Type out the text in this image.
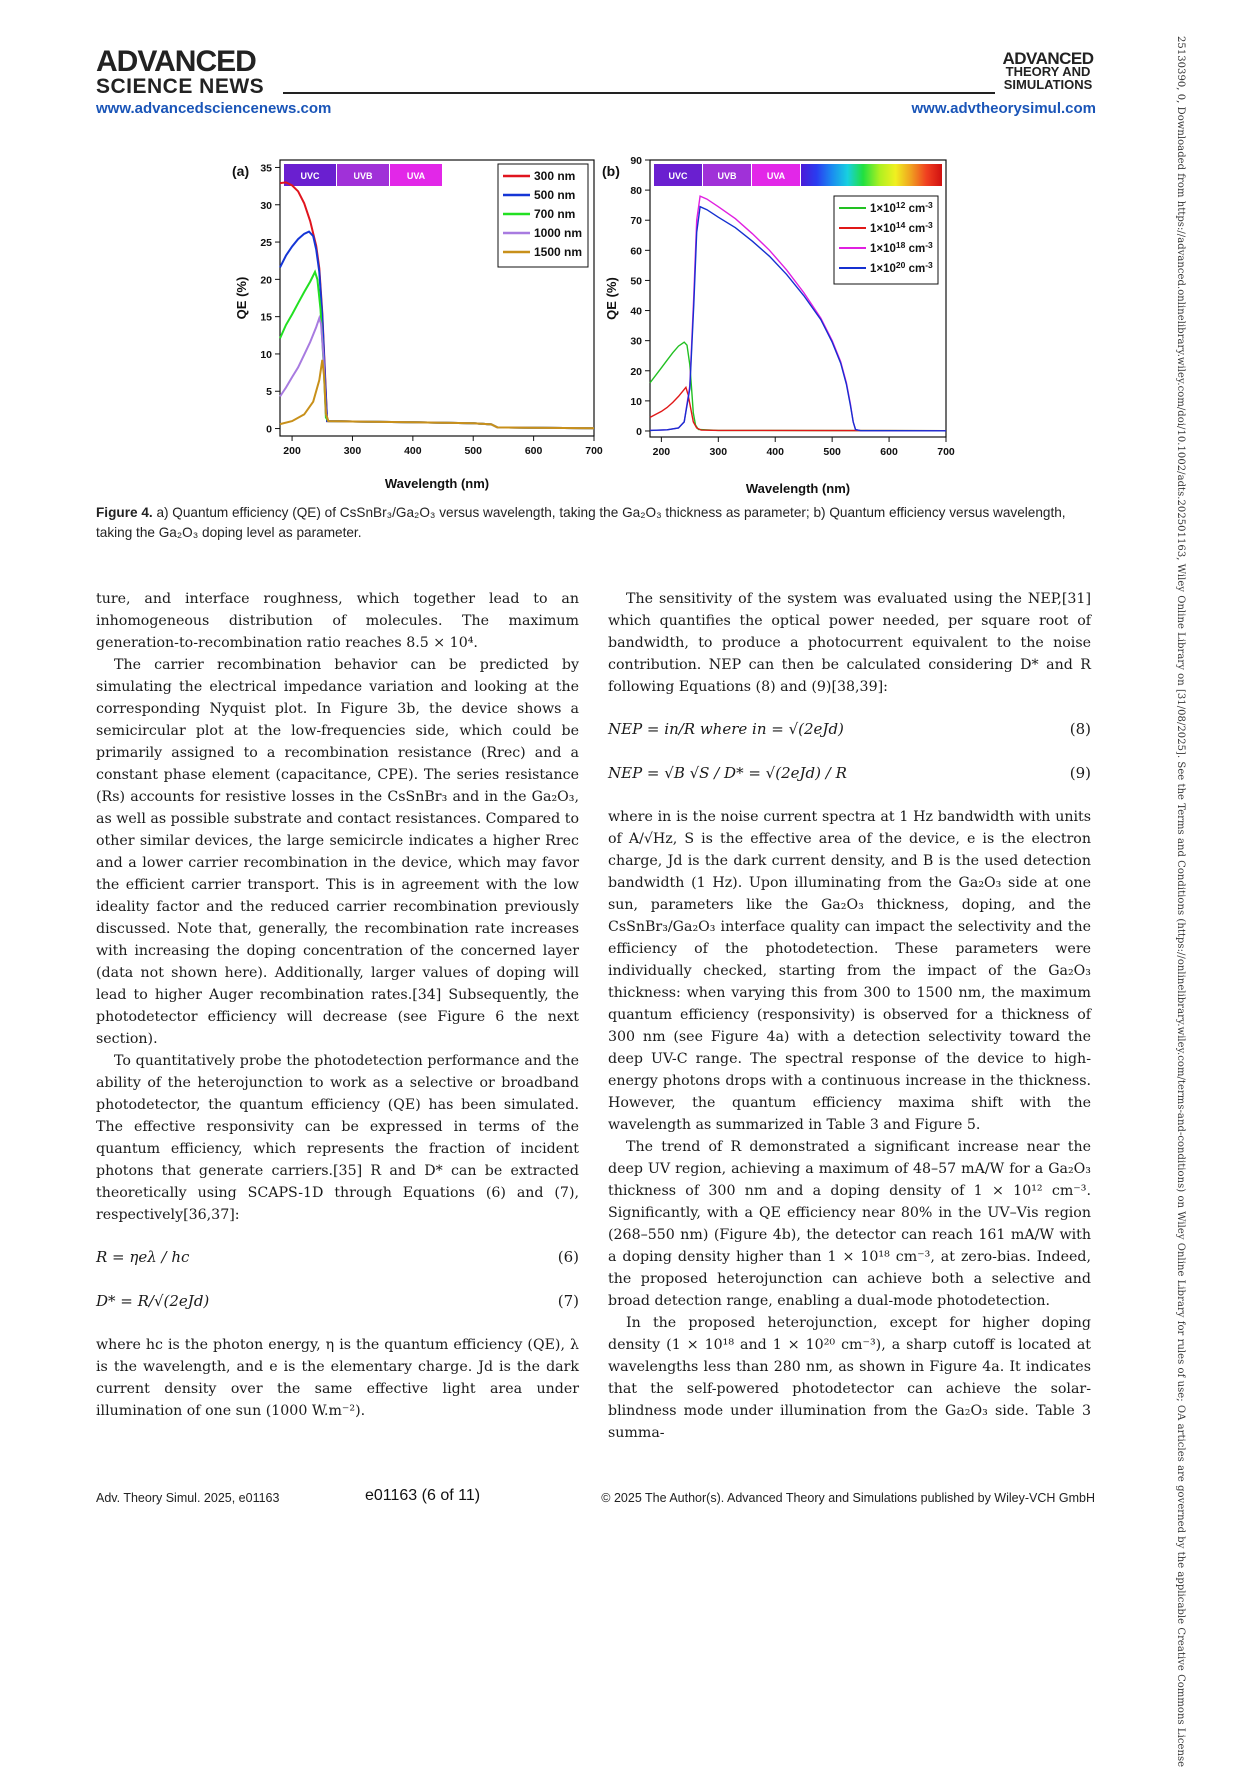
ADVANCED
SCIENCE NEWS
ADVANCED
THEORY AND
SIMULATIONS
www.advancedsciencenews.com	www.advtheorysimul.com	25130390, 0, Downloaded from https://advanced.onlinelibrary.wiley.com/doi/10.1002/adts.202501163, Wiley Online Library on [31/08/2025]. See the Terms and Conditions (https://onlinelibrary.wiley.com/terms-and-conditions) on Wiley Online Library for rules of use; OA articles are governed by the applicable Creative Commons License
UVC	UVB	UVA
200	300	400	500	600	700
0
5
10
15
20
25
30
35
Wavelength (nm)
QE (%)
(a)	300 nm
500 nm
700 nm
1000 nm
1500 nm
UVC	UVB	UVA
200	300	400	500	600	700
0
10
20
30
40
50
60
70
80
90
Wavelength (nm)
QE (%)
(b)
$1\times 10^{12}$ $cm^{-3}$
$1\times 10^{14}$ $cm^{-3}$
$1\times 10^{18}$ $cm^{-3}$
$1\times 10^{20}$ $cm^{-3}$
Figure 4. a) Quantum efficiency (QE) of CsSnBr₃/Ga₂O₃ versus wavelength, taking the Ga₂O₃ thickness as parameter; b) Quantum efficiency versus wavelength, taking the Ga₂O₃ doping level as parameter.

ture, and interface roughness, which together lead to an inhomogeneous distribution of molecules. The maximum generation-to-recombination ratio reaches 8.5 × 10⁴.

The carrier recombination behavior can be predicted by simulating the electrical impedance variation and looking at the corresponding Nyquist plot. In Figure 3b, the device shows a semicircular plot at the low-frequencies side, which could be primarily assigned to a recombination resistance (Rrec) and a constant phase element (capacitance, CPE). The series resistance (Rs) accounts for resistive losses in the CsSnBr₃ and in the Ga₂O₃, as well as possible substrate and contact resistances. Compared to other similar devices, the large semicircle indicates a higher Rrec and a lower carrier recombination in the device, which may favor the efficient carrier transport. This is in agreement with the low ideality factor and the reduced carrier recombination previously discussed. Note that, generally, the recombination rate increases with increasing the doping concentration of the concerned layer (data not shown here). Additionally, larger values of doping will lead to higher Auger recombination rates.[34] Subsequently, the photodetector efficiency will decrease (see Figure 6 the next section).

To quantitatively probe the photodetection performance and the ability of the heterojunction to work as a selective or broadband photodetector, the quantum efficiency (QE) has been simulated. The effective responsivity can be expressed in terms of the quantum efficiency, which represents the fraction of incident photons that generate carriers.[35] R and D* can be extracted theoretically using SCAPS-1D through Equations (6) and (7), respectively[36,37]:

R = ηeλ / hc	(6)
D* = R/√(2eJd)	(7)

where hc is the photon energy, η is the quantum efficiency (QE), λ is the wavelength, and e is the elementary charge. Jd is the dark current density over the same effective light area under illumination of one sun (1000 W.m⁻²).

The sensitivity of the system was evaluated using the NEP,[31] which quantifies the optical power needed, per square root of bandwidth, to produce a photocurrent equivalent to the noise contribution. NEP can then be calculated considering D* and R following Equations (8) and (9)[38,39]:

NEP = in/R where in = √(2eJd)	(8)
NEP = √B √S / D* = √(2eJd) / R	(9)

where in is the noise current spectra at 1 Hz bandwidth with units of A/√Hz, S is the effective area of the device, e is the electron charge, Jd is the dark current density, and B is the used detection bandwidth (1 Hz). Upon illuminating from the Ga₂O₃ side at one sun, parameters like the Ga₂O₃ thickness, doping, and the CsSnBr₃/Ga₂O₃ interface quality can impact the selectivity and the efficiency of the photodetection. These parameters were individually checked, starting from the impact of the Ga₂O₃ thickness: when varying this from 300 to 1500 nm, the maximum quantum efficiency (responsivity) is observed for a thickness of 300 nm (see Figure 4a) with a detection selectivity toward the deep UV-C range. The spectral response of the device to high-energy photons drops with a continuous increase in the thickness. However, the quantum efficiency maxima shift with the wavelength as summarized in Table 3 and Figure 5.

The trend of R demonstrated a significant increase near the deep UV region, achieving a maximum of 48–57 mA/W for a Ga₂O₃ thickness of 300 nm and a doping density of 1 × 10¹² cm⁻³. Significantly, with a QE efficiency near 80% in the UV–Vis region (268–550 nm) (Figure 4b), the detector can reach 161 mA/W with a doping density higher than 1 × 10¹⁸ cm⁻³, at zero-bias. Indeed, the proposed heterojunction can achieve both a selective and broad detection range, enabling a dual-mode photodetection.

In the proposed heterojunction, except for higher doping density (1 × 10¹⁸ and 1 × 10²⁰ cm⁻³), a sharp cutoff is located at wavelengths less than 280 nm, as shown in Figure 4a. It indicates that the self-powered photodetector can achieve the solar-blindness mode under illumination from the Ga₂O₃ side. Table 3 summa-

Adv. Theory Simul. 2025, e01163	e01163 (6 of 11)	© 2025 The Author(s). Advanced Theory and Simulations published by Wiley-VCH GmbH
